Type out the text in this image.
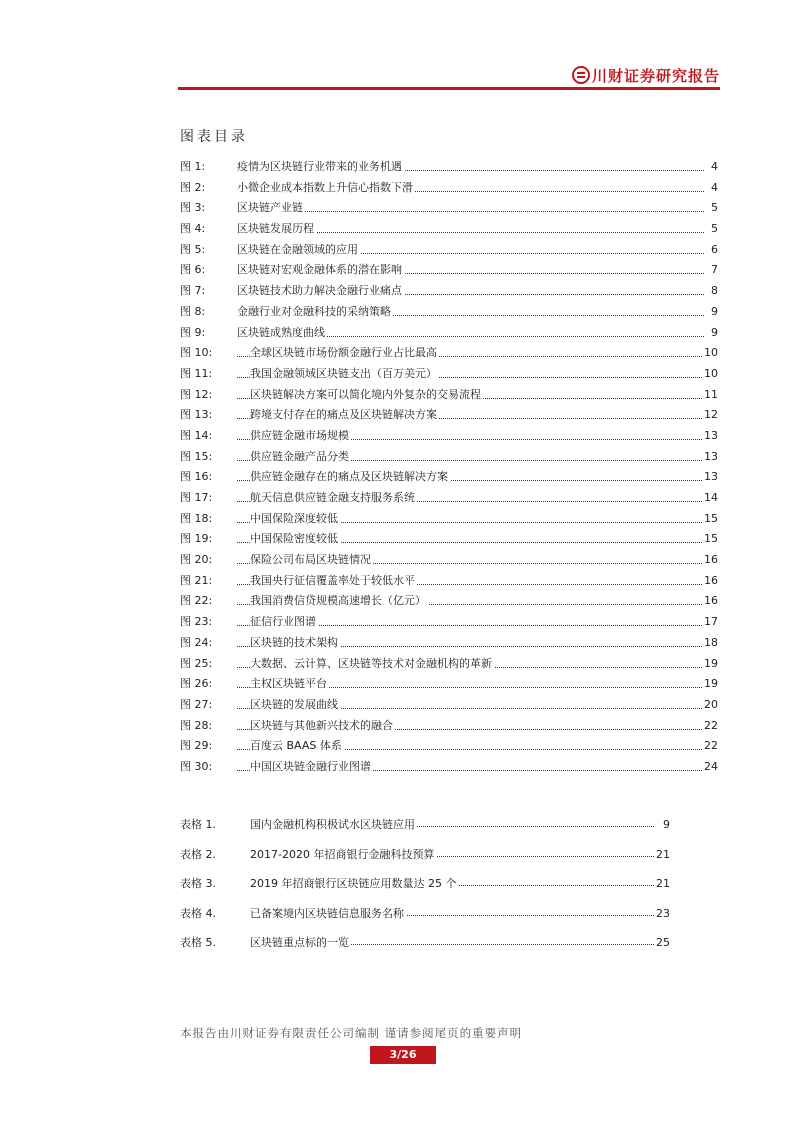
川财证券研究报告
图表目录
图 1:	疫情为区块链行业带来的业务机遇	4
图 2:	小微企业成本指数上升信心指数下滑	4
图 3:	区块链产业链	5
图 4:	区块链发展历程	5
图 5:	区块链在金融领域的应用	6
图 6:	区块链对宏观金融体系的潜在影响	7
图 7:	区块链技术助力解决金融行业痛点	8
图 8:	金融行业对金融科技的采纳策略	9
图 9:	区块链成熟度曲线	9
图 10:	全球区块链市场份额金融行业占比最高	10
图 11:	我国金融领域区块链支出（百万美元）	10
图 12:	区块链解决方案可以简化境内外复杂的交易流程	11
图 13:	跨境支付存在的痛点及区块链解决方案	12
图 14:	供应链金融市场规模	13
图 15:	供应链金融产品分类	13
图 16:	供应链金融存在的痛点及区块链解决方案	13
图 17:	航天信息供应链金融支持服务系统	14
图 18:	中国保险深度较低	15
图 19:	中国保险密度较低	15
图 20:	保险公司布局区块链情况	16
图 21:	我国央行征信覆盖率处于较低水平	16
图 22:	我国消费信贷规模高速增长（亿元）	16
图 23:	征信行业图谱	17
图 24:	区块链的技术架构	18
图 25:	大数据、云计算、区块链等技术对金融机构的革新	19
图 26:	主权区块链平台	19
图 27:	区块链的发展曲线	20
图 28:	区块链与其他新兴技术的融合	22
图 29:	百度云 BAAS 体系	22
图 30:	中国区块链金融行业图谱	24
表格 1.	国内金融机构积极试水区块链应用	9
表格 2.	2017-2020 年招商银行金融科技预算	21
表格 3.	2019 年招商银行区块链应用数量达 25 个	21
表格 4.	已备案境内区块链信息服务名称	23
表格 5.	区块链重点标的一览	25
本报告由川财证券有限责任公司编制 谨请参阅尾页的重要声明
3/26
